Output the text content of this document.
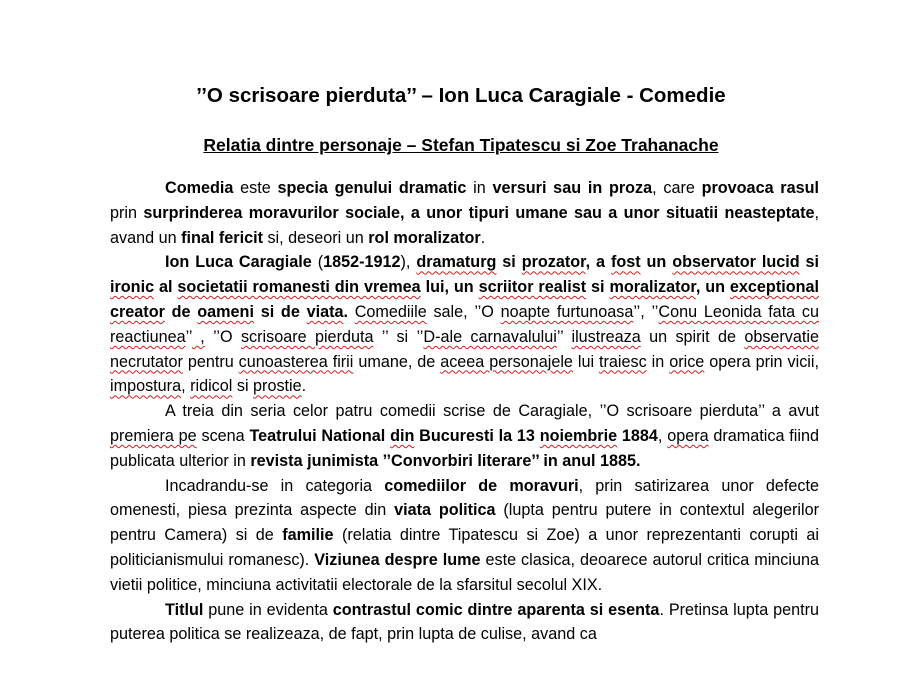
’’O scrisoare pierduta’’ – Ion Luca Caragiale - Comedie
Relatia dintre personaje – Stefan Tipatescu si Zoe Trahanache

Comedia este specia genului dramatic in versuri sau in proza, care provoaca rasul prin surprinderea moravurilor sociale, a unor tipuri umane sau a unor situatii neasteptate, avand un final fericit si, deseori un rol moralizator.

Ion Luca Caragiale (1852-1912), dramaturg si prozator, a fost un observator lucid si ironic al societatii romanesti din vremea lui, un scriitor realist si moralizator, un exceptional creator de oameni si de viata. Comediile sale, ’’O noapte furtunoasa’’, ’’Conu Leonida fata cu reactiunea’’ , ’’O scrisoare pierduta ’’ si ’’D-ale carnavalului’’ ilustreaza un spirit de observatie necrutator pentru cunoasterea firii umane, de aceea personajele lui traiesc in orice opera prin vicii, impostura, ridicol si prostie.

A treia din seria celor patru comedii scrise de Caragiale, ’’O scrisoare pierduta’’ a avut premiera pe scena Teatrului National din Bucuresti la 13 noiembrie 1884, opera dramatica fiind publicata ulterior in revista junimista ’’Convorbiri literare’’ in anul 1885.

Incadrandu-se in categoria comediilor de moravuri, prin satirizarea unor defecte omenesti, piesa prezinta aspecte din viata politica (lupta pentru putere in contextul alegerilor pentru Camera) si de familie (relatia dintre Tipatescu si Zoe) a unor reprezentanti corupti ai politicianismului romanesc). Viziunea despre lume este clasica, deoarece autorul critica minciuna vietii politice, minciuna activitatii electorale de la sfarsitul secolul XIX.

Titlul pune in evidenta contrastul comic dintre aparenta si esenta. Pretinsa lupta pentru puterea politica se realizeaza, de fapt, prin lupta de culise, avand ca
